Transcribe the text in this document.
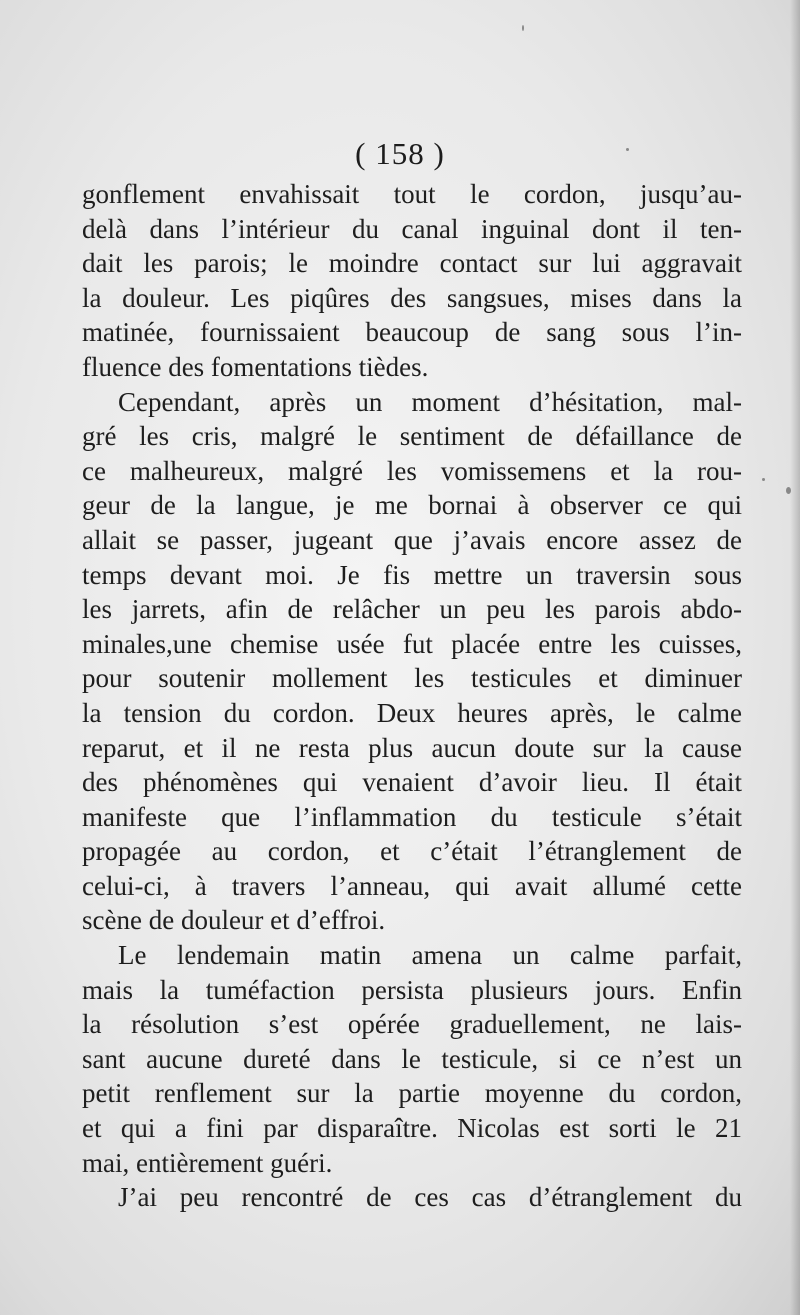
( 158 )
gonflement envahissait tout le cordon, jusqu’au-
delà dans l’intérieur du canal inguinal dont il ten-
dait les parois; le moindre contact sur lui aggravait
la douleur. Les piqûres des sangsues, mises dans la
matinée, fournissaient beaucoup de sang sous l’in-
fluence des fomentations tièdes.
Cependant, après un moment d’hésitation, mal-
gré les cris, malgré le sentiment de défaillance de
ce malheureux, malgré les vomissemens et la rou-
geur de la langue, je me bornai à observer ce qui
allait se passer, jugeant que j’avais encore assez de
temps devant moi. Je fis mettre un traversin sous
les jarrets, afin de relâcher un peu les parois abdo-
minales,une chemise usée fut placée entre les cuisses,
pour soutenir mollement les testicules et diminuer
la tension du cordon. Deux heures après, le calme
reparut, et il ne resta plus aucun doute sur la cause
des phénomènes qui venaient d’avoir lieu. Il était
manifeste que l’inflammation du testicule s’était
propagée au cordon, et c’était l’étranglement de
celui-ci, à travers l’anneau, qui avait allumé cette
scène de douleur et d’effroi.
Le lendemain matin amena un calme parfait,
mais la tuméfaction persista plusieurs jours. Enfin
la résolution s’est opérée graduellement, ne lais-
sant aucune dureté dans le testicule, si ce n’est un
petit renflement sur la partie moyenne du cordon,
et qui a fini par disparaître. Nicolas est sorti le 21
mai, entièrement guéri.
J’ai peu rencontré de ces cas d’étranglement du
